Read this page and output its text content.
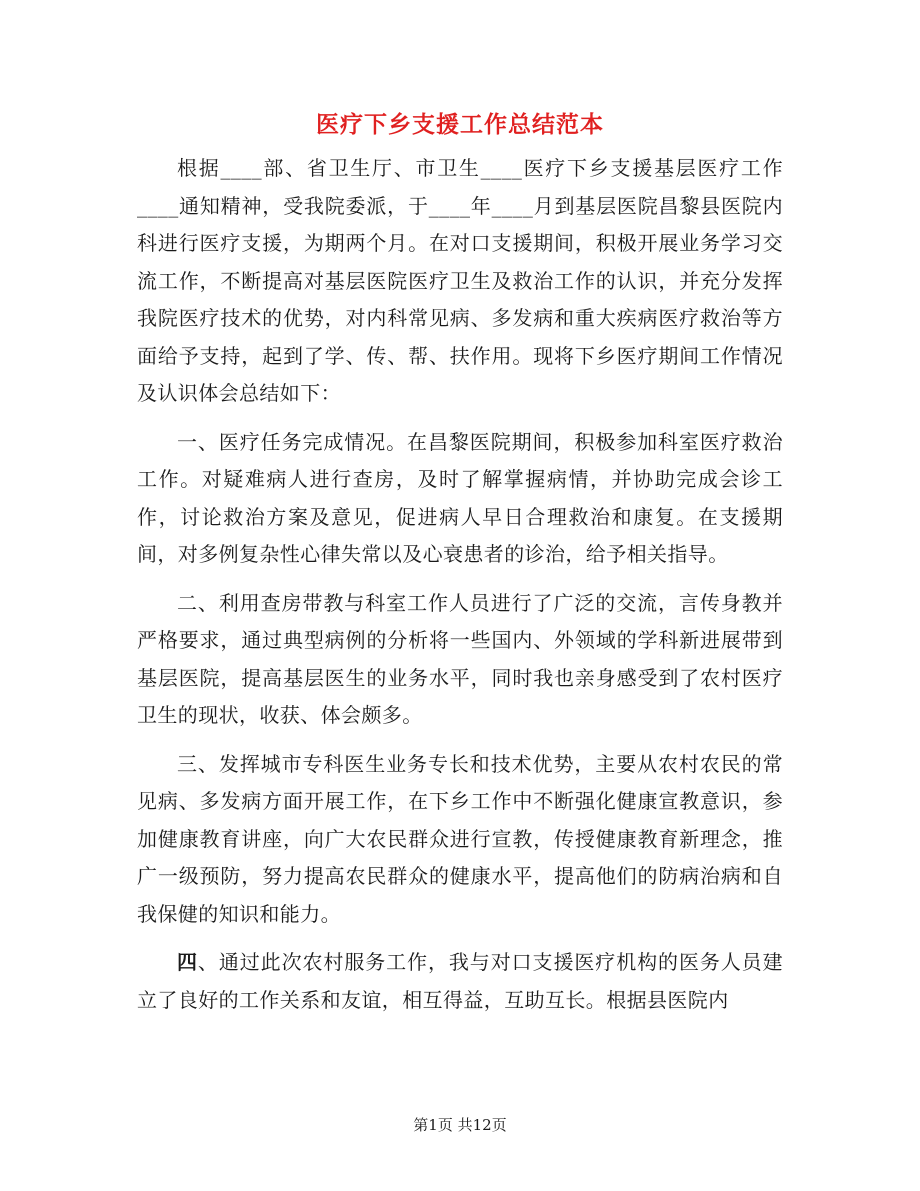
医疗下乡支援工作总结范本

根据____部、省卫生厅、市卫生____医疗下乡支援基层医疗工作____通知精神，受我院委派，于____年____月到基层医院昌黎县医院内科进行医疗支援，为期两个月。在对口支援期间，积极开展业务学习交流工作，不断提高对基层医院医疗卫生及救治工作的认识，并充分发挥我院医疗技术的优势，对内科常见病、多发病和重大疾病医疗救治等方面给予支持，起到了学、传、帮、扶作用。现将下乡医疗期间工作情况及认识体会总结如下：

一、医疗任务完成情况。在昌黎医院期间，积极参加科室医疗救治工作。对疑难病人进行查房，及时了解掌握病情，并协助完成会诊工作，讨论救治方案及意见，促进病人早日合理救治和康复。在支援期间，对多例复杂性心律失常以及心衰患者的诊治，给予相关指导。

二、利用查房带教与科室工作人员进行了广泛的交流，言传身教并严格要求，通过典型病例的分析将一些国内、外领域的学科新进展带到基层医院，提高基层医生的业务水平，同时我也亲身感受到了农村医疗卫生的现状，收获、体会颇多。

三、发挥城市专科医生业务专长和技术优势，主要从农村农民的常见病、多发病方面开展工作，在下乡工作中不断强化健康宣教意识，参加健康教育讲座，向广大农民群众进行宣教，传授健康教育新理念，推广一级预防，努力提高农民群众的健康水平，提高他们的防病治病和自我保健的知识和能力。

四、通过此次农村服务工作，我与对口支援医疗机构的医务人员建立了良好的工作关系和友谊，相互得益，互助互长。根据县医院内

第1页 共12页
